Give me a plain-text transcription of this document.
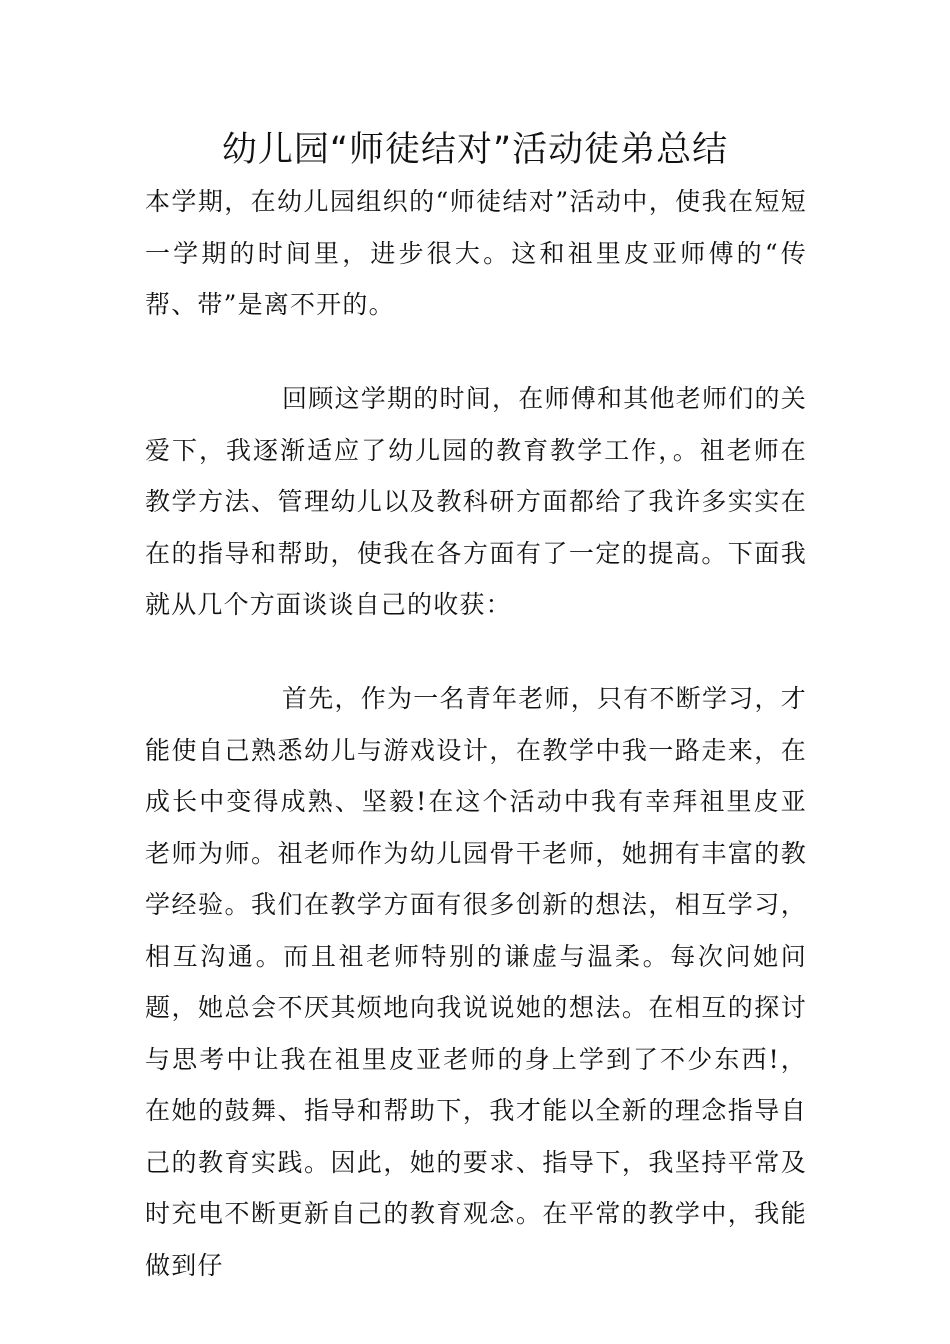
幼儿园“师徒结对”活动徒弟总结

本学期，在幼儿园组织的“师徒结对”活动中，使我在短短一学期的时间里，进步很大。这和祖里皮亚师傅的“传帮、带”是离不开的。

回顾这学期的时间，在师傅和其他老师们的关爱下，我逐渐适应了幼儿园的教育教学工作，。祖老师在教学方法、管理幼儿以及教科研方面都给了我许多实实在在的指导和帮助，使我在各方面有了一定的提高。下面我就从几个方面谈谈自己的收获：

首先，作为一名青年老师，只有不断学习，才能使自己熟悉幼儿与游戏设计，在教学中我一路走来，在成长中变得成熟、坚毅!在这个活动中我有幸拜祖里皮亚老师为师。祖老师作为幼儿园骨干老师，她拥有丰富的教学经验。我们在教学方面有很多创新的想法，相互学习，相互沟通。而且祖老师特别的谦虚与温柔。每次问她问题，她总会不厌其烦地向我说说她的想法。在相互的探讨与思考中让我在祖里皮亚老师的身上学到了不少东西!，在她的鼓舞、指导和帮助下，我才能以全新的理念指导自己的教育实践。因此，她的要求、指导下，我坚持平常及时充电不断更新自己的教育观念。在平常的教学中，我能做到仔
